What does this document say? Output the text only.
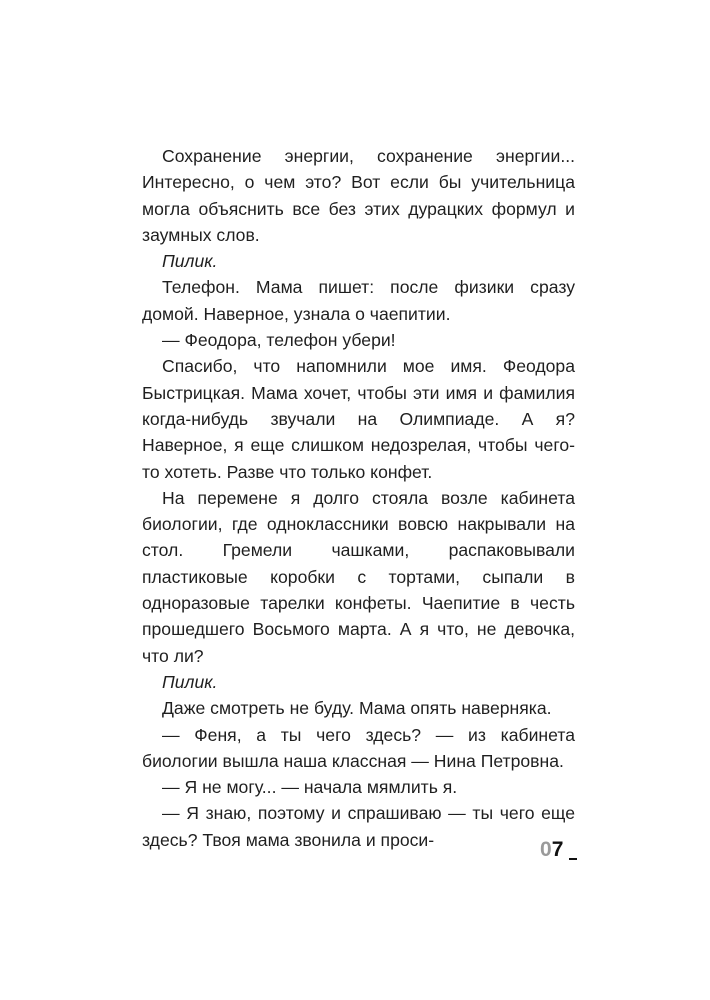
Сохранение энергии, сохранение энергии... Интересно, о чем это? Вот если бы учительница могла объяснить все без этих дурацких формул и заумных слов.

Пилик.

Телефон. Мама пишет: после физики сразу домой. Наверное, узнала о чаепитии.

— Феодора, телефон убери!

Спасибо, что напомнили мое имя. Феодора Быстрицкая. Мама хочет, чтобы эти имя и фамилия когда-нибудь звучали на Олимпиаде. А я? Наверное, я еще слишком недозрелая, чтобы чего-то хотеть. Разве что только конфет.

На перемене я долго стояла возле кабинета биологии, где одноклассники вовсю накрывали на стол. Гремели чашками, распаковывали пластиковые коробки с тортами, сыпали в одноразовые тарелки конфеты. Чаепитие в честь прошедшего Восьмого марта. А я что, не девочка, что ли?

Пилик.

Даже смотреть не буду. Мама опять наверняка.

— Феня, а ты чего здесь? — из кабинета биологии вышла наша классная — Нина Петровна.

— Я не могу... — начала мямлить я.

— Я знаю, поэтому и спрашиваю — ты чего еще здесь? Твоя мама звонила и проси-	07
